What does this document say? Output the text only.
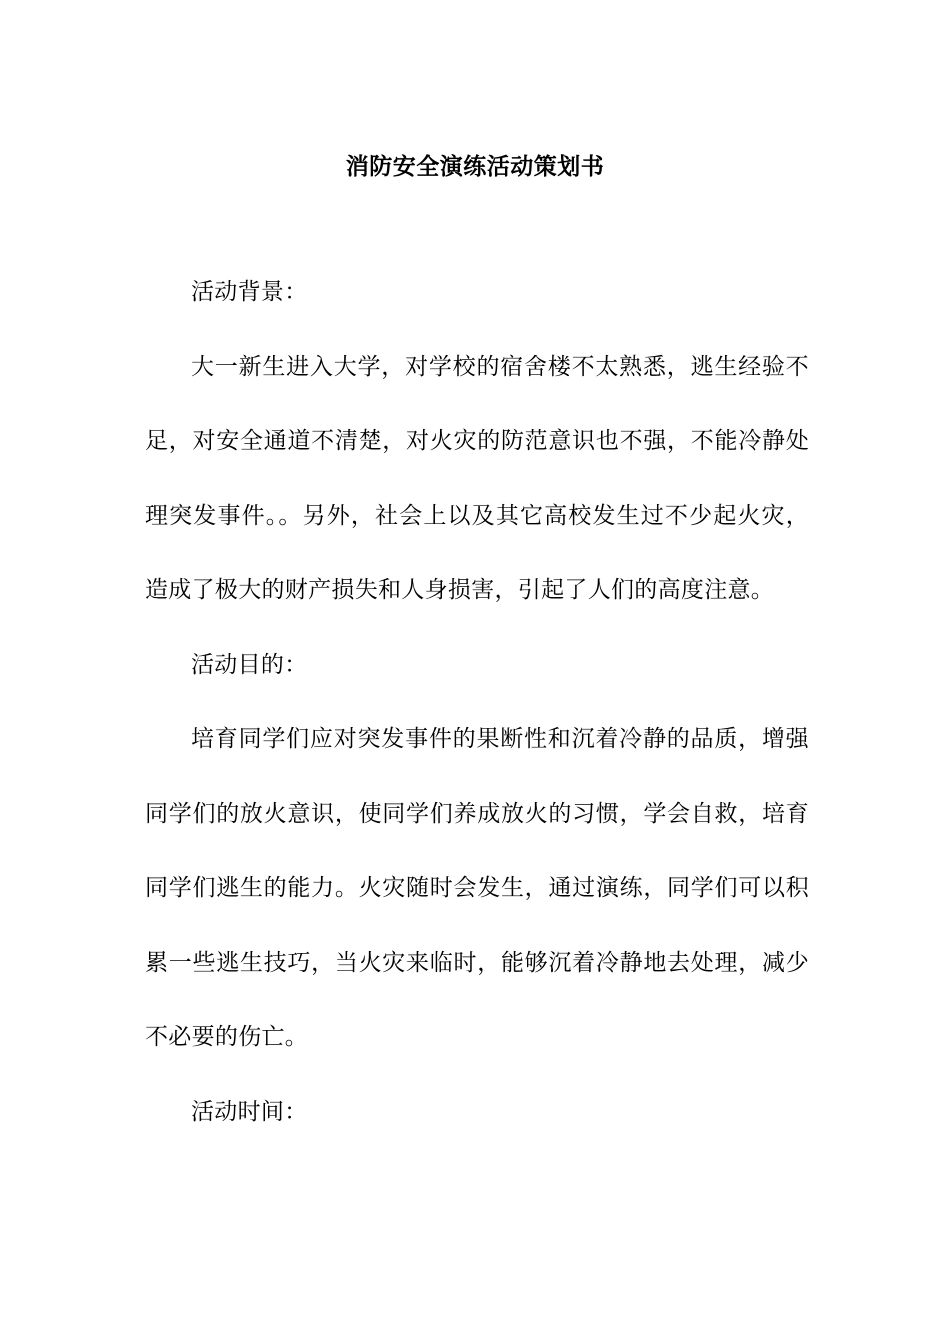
消防安全演练活动策划书

活动背景：

大一新生进入大学，对学校的宿舍楼不太熟悉，逃生经验不足，对安全通道不清楚，对火灾的防范意识也不强，不能冷静处理突发事件。。另外，社会上以及其它高校发生过不少起火灾，造成了极大的财产损失和人身损害，引起了人们的高度注意。

活动目的：

培育同学们应对突发事件的果断性和沉着冷静的品质，增强同学们的放火意识，使同学们养成放火的习惯，学会自救，培育同学们逃生的能力。火灾随时会发生，通过演练，同学们可以积累一些逃生技巧，当火灾来临时，能够沉着冷静地去处理，减少不必要的伤亡。

活动时间：
